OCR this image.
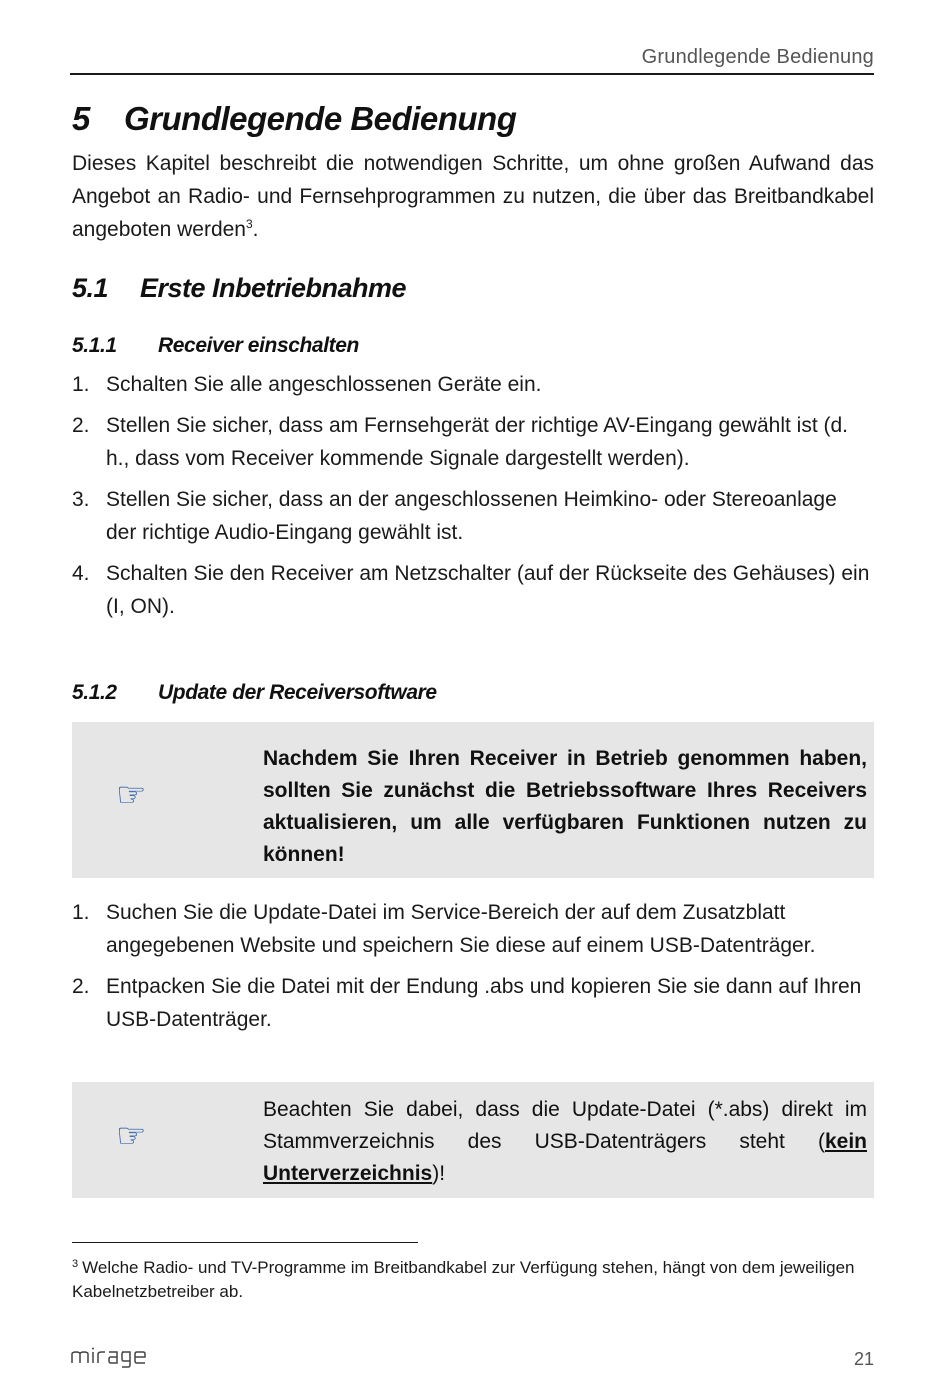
Grundlegende Bedienung
5 Grundlegende Bedienung

Dieses Kapitel beschreibt die notwendigen Schritte, um ohne großen Aufwand das Angebot an Radio- und Fernsehprogrammen zu nutzen, die über das Breitbandkabel angeboten werden$^3$.

5.1 Erste Inbetriebnahme
5.1.1 Receiver einschalten
1. Schalten Sie alle angeschlossenen Geräte ein.
2. Stellen Sie sicher, dass am Fernsehgerät der richtige AV-Eingang gewählt ist (d. h., dass vom Receiver kommende Signale dargestellt werden).
3. Stellen Sie sicher, dass an der angeschlossenen Heimkino- oder Stereoanlage der richtige Audio-Eingang gewählt ist.
4. Schalten Sie den Receiver am Netzschalter (auf der Rückseite des Gehäuses) ein (I, ON).
5.1.2 Update der Receiversoftware
☞

Nachdem Sie Ihren Receiver in Betrieb genommen haben, sollten Sie zunächst die Betriebssoftware Ihres Receivers aktualisieren, um alle verfügbaren Funktionen nutzen zu können!

1. Suchen Sie die Update-Datei im Service-Bereich der auf dem Zusatzblatt angegebenen Website und speichern Sie diese auf einem USB-Datenträger.
2. Entpacken Sie die Datei mit der Endung .abs und kopieren Sie sie dann auf Ihren USB-Datenträger.
☞

Beachten Sie dabei, dass die Update-Datei (*.abs) direkt im Stammverzeichnis des USB-Datenträgers steht (kein Unterverzeichnis)!

$^3$ Welche Radio- und TV-Programme im Breitbandkabel zur Verfügung stehen, hängt von dem jeweiligen Kabelnetzbetreiber ab.

21
